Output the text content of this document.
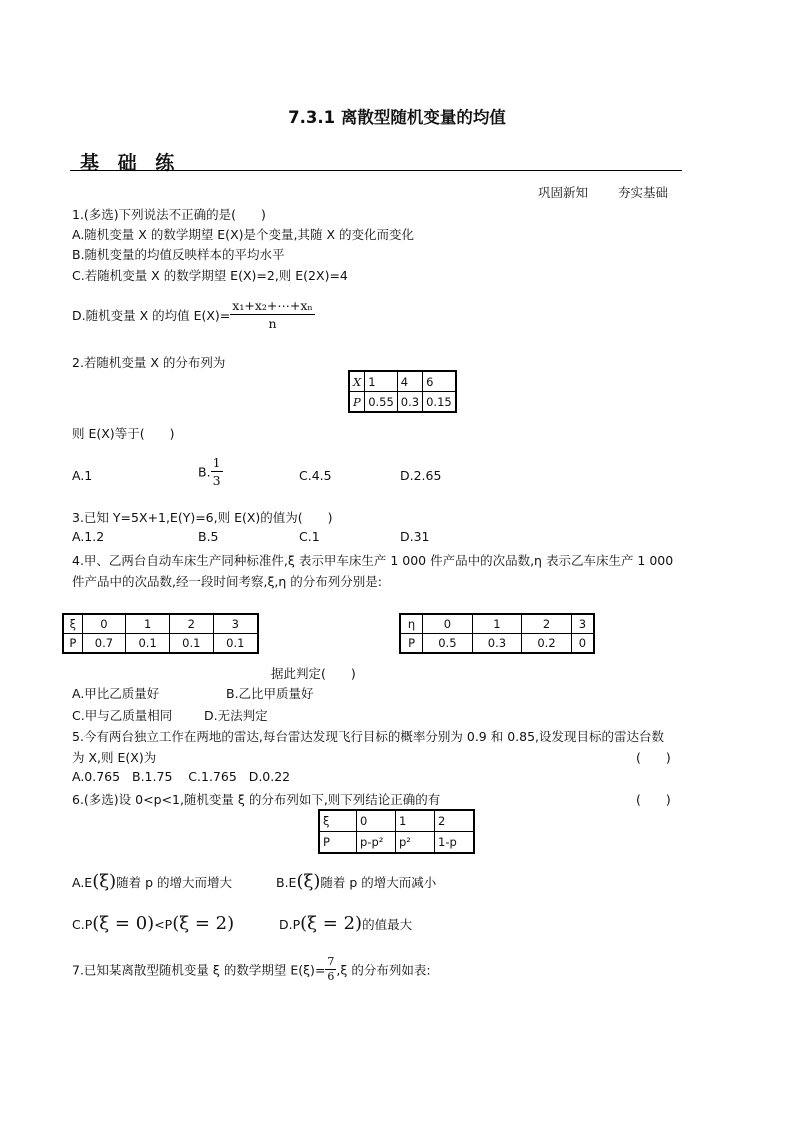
7.3.1 离散型随机变量的均值
基 础 练
巩固新知 夯实基础
1.(多选)下列说法不正确的是(　　)
A.随机变量 X 的数学期望 E(X)是个变量,其随 X 的变化而变化
B.随机变量的均值反映样本的平均水平
C.若随机变量 X 的数学期望 E(X)=2,则 E(2X)=4
D.随机变量 X 的均值 $E(X)= \frac{\text{x₁+x₂+⋯+xₙ}}{n}$
2.若随机变量 X 的分布列为
X	1	4	6
P	0.55	0.3	0.15
则 E(X)等于(　　)
A.1	B. $\frac{1}{3}$	C.4.5	D.2.65
3.已知 Y=5X+1,E(Y)=6,则 E(X)的值为(　　)
A.1.2	B.5	C.1	D.31
4.甲、乙两台自动车床生产同种标准件,ξ 表示甲车床生产 1 000 件产品中的次品数,η 表示乙车床生产 1 000
件产品中的次品数,经一段时间考察,ξ,η 的分布列分别是:
ξ	0	1	2	3
P	0.7	0.1	0.1	0.1
η	0	1	2	3
P	0.5	0.3	0.2	0
据此判定(　　)
A.甲比乙质量好	B.乙比甲质量好
C.甲与乙质量相同	D.无法判定
5.今有两台独立工作在两地的雷达,每台雷达发现飞行目标的概率分别为 0.9 和 0.85,设发现目标的雷达台数
为 X,则 E(X)为	(　　)
A.0.765   B.1.75    C.1.765   D.0.22
6.(多选)设 0<p<1,随机变量 ξ 的分布列如下,则下列结论正确的有	(　　)
ξ	0	1	2
P	p-p²	p²	1-p
A.E(ξ)随着 p 的增大而增大	B.E(ξ)随着 p 的增大而减小
C.P(ξ = 0)<P(ξ = 2)	D.P(ξ = 2)的值最大
7.已知某离散型随机变量 ξ 的数学期望 $E(\xi)= \frac{7}{6} ,\xi$ 的分布列如表:
